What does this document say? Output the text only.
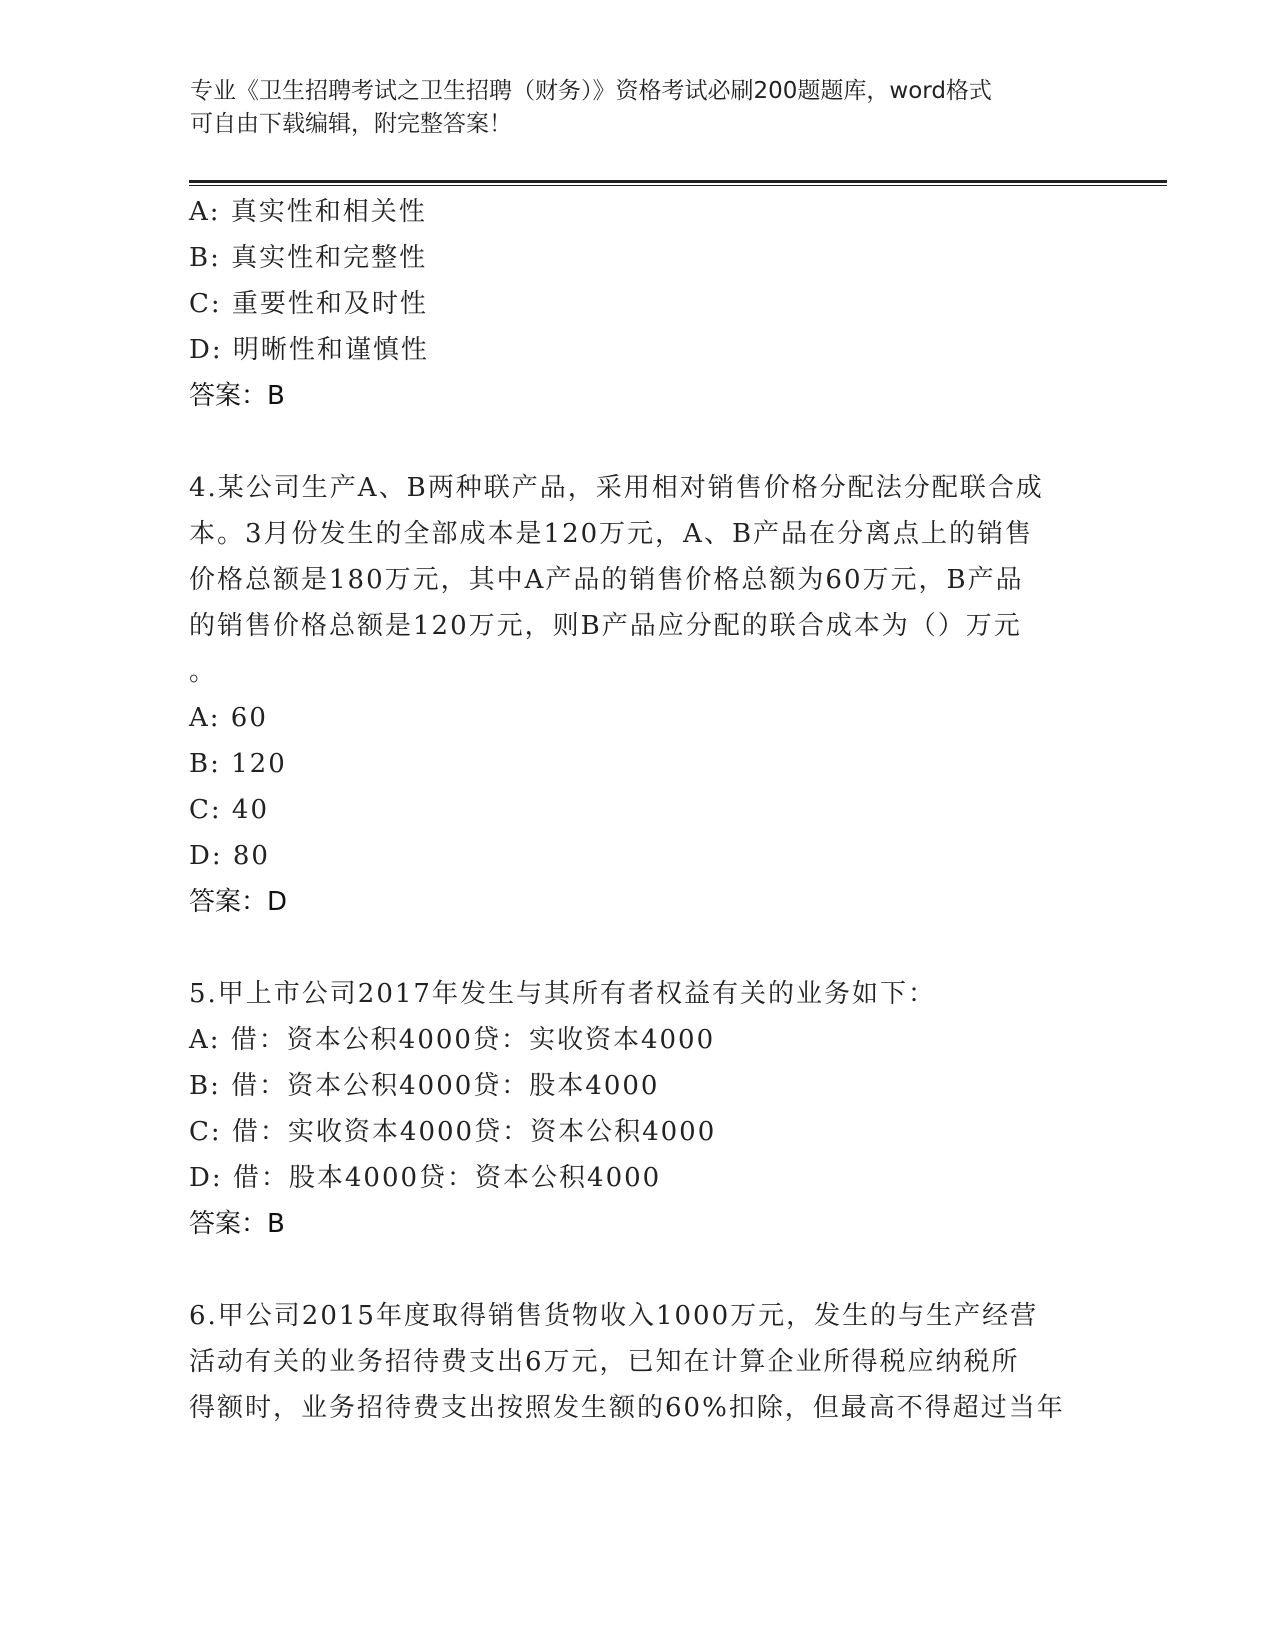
专业《卫生招聘考试之卫生招聘（财务）》资格考试必刷200题题库，word格式
可自由下载编辑，附完整答案！
A: 真实性和相关性
B: 真实性和完整性
C: 重要性和及时性
D: 明晰性和谨慎性
答案：B
4.某公司生产A、B两种联产品，采用相对销售价格分配法分配联合成
本。3月份发生的全部成本是120万元，A、B产品在分离点上的销售
价格总额是180万元，其中A产品的销售价格总额为60万元，B产品
的销售价格总额是120万元，则B产品应分配的联合成本为（）万元
。
A: 60
B: 120
C: 40
D: 80
答案：D
5.甲上市公司2017年发生与其所有者权益有关的业务如下：
A: 借：资本公积4000贷：实收资本4000
B: 借：资本公积4000贷：股本4000
C: 借：实收资本4000贷：资本公积4000
D: 借：股本4000贷：资本公积4000
答案：B
6.甲公司2015年度取得销售货物收入1000万元，发生的与生产经营
活动有关的业务招待费支出6万元，已知在计算企业所得税应纳税所
得额时，业务招待费支出按照发生额的60%扣除，但最高不得超过当年
